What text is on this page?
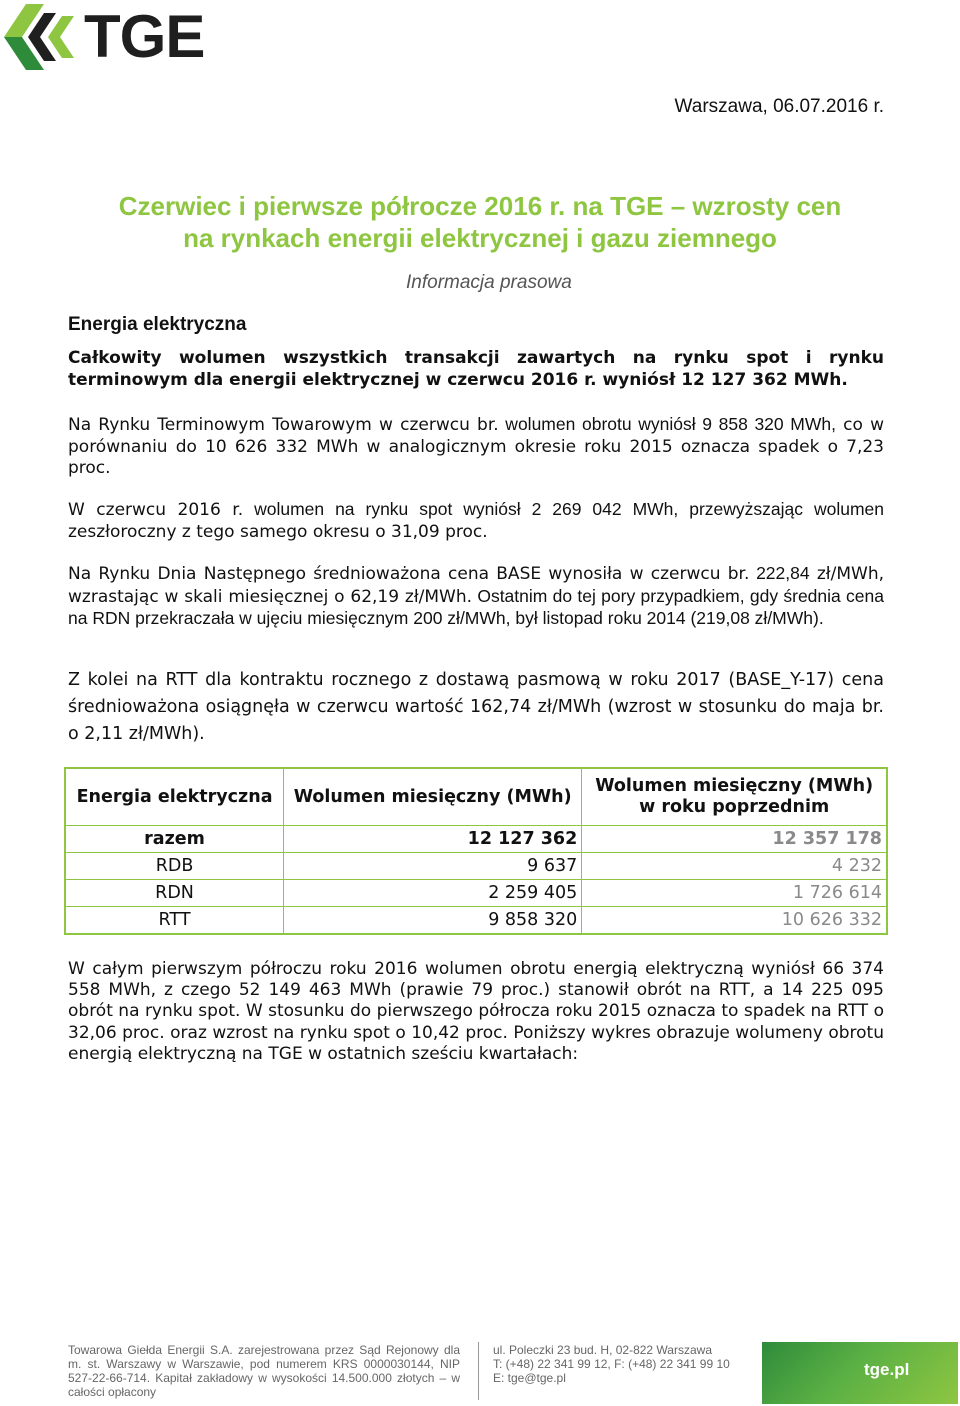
TGE
Warszawa, 06.07.2016 r.
Czerwiec i pierwsze półrocze 2016 r. na TGE – wzrosty cen
na rynkach energii elektrycznej i gazu ziemnego
Informacja prasowa
Energia elektryczna

Całkowity wolumen wszystkich transakcji zawartych na rynku spot i rynku terminowym dla energii elektrycznej w czerwcu 2016 r. wyniósł 12 127 362 MWh.

Na Rynku Terminowym Towarowym w czerwcu br. wolumen obrotu wyniósł 9 858 320 MWh, co w porównaniu do 10 626 332 MWh w analogicznym okresie roku 2015 oznacza spadek o 7,23 proc.

W czerwcu 2016 r. wolumen na rynku spot wyniósł 2 269 042 MWh, przewyższając wolumen zeszłoroczny z tego samego okresu o 31,09 proc.

Na Rynku Dnia Następnego średnioważona cena BASE wynosiła w czerwcu br. 222,84 zł/MWh, wzrastając w skali miesięcznej o 62,19 zł/MWh. Ostatnim do tej pory przypadkiem, gdy średnia cena na RDN przekraczała w ujęciu miesięcznym 200 zł/MWh, był listopad roku 2014 (219,08 zł/MWh).

Z kolei na RTT dla kontraktu rocznego z dostawą pasmową w roku 2017 (BASE_Y-17) cena średnioważona osiągnęła w czerwcu wartość 162,74 zł/MWh (wzrost w stosunku do maja br. o 2,11 zł/MWh).

Energia elektryczna	Wolumen miesięczny (MWh)	Wolumen miesięczny (MWh) w roku poprzednim
razem	12 127 362	12 357 178
RDB	9 637	4 232
RDN	2 259 405	1 726 614
RTT	9 858 320	10 626 332

W całym pierwszym półroczu roku 2016 wolumen obrotu energią elektryczną wyniósł 66 374 558 MWh, z czego 52 149 463 MWh (prawie 79 proc.) stanowił obrót na RTT, a 14 225 095 obrót na rynku spot. W stosunku do pierwszego półrocza roku 2015 oznacza to spadek na RTT o 32,06 proc. oraz wzrost na rynku spot o 10,42 proc. Poniższy wykres obrazuje wolumeny obrotu energią elektryczną na TGE w ostatnich sześciu kwartałach:

Towarowa Giełda Energii S.A. zarejestrowana przez Sąd Rejonowy dla m. st. Warszawy w Warszawie, pod numerem KRS 0000030144, NIP 527-22-66-714. Kapitał zakładowy w wysokości 14.500.000 złotych – w całości opłacony
ul. Poleczki 23 bud. H, 02-822 Warszawa
T: (+48) 22 341 99 12, F: (+48) 22 341 99 10
E: tge@tge.pl	tge.pl
